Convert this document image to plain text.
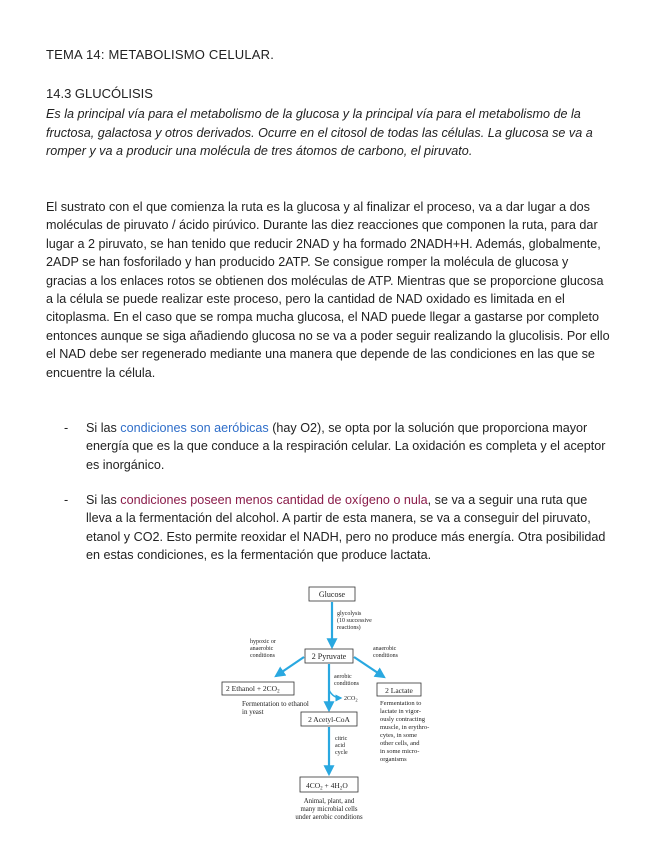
TEMA 14: METABOLISMO CELULAR.
14.3 GLUCÓLISIS
Es la principal vía para el metabolismo de la glucosa y la principal vía para el metabolismo de la fructosa, galactosa y otros derivados. Ocurre en el citosol de todas las células. La glucosa se va a romper y va a producir una molécula de tres átomos de carbono, el piruvato.
El sustrato con el que comienza la ruta es la glucosa y al finalizar el proceso, va a dar lugar a dos moléculas de piruvato / ácido pirúvico. Durante las diez reacciones que componen la ruta, para dar lugar a 2 piruvato, se han tenido que reducir 2NAD y ha formado 2NADH+H. Además, globalmente, 2ADP se han fosforilado y han producido 2ATP. Se consigue romper la molécula de glucosa y gracias a los enlaces rotos se obtienen dos moléculas de ATP. Mientras que se proporcione glucosa a la célula se puede realizar este proceso, pero la cantidad de NAD oxidado es limitada en el citoplasma. En el caso que se rompa mucha glucosa, el NAD puede llegar a gastarse por completo entonces aunque se siga añadiendo glucosa no se va a poder seguir realizando la glucolisis. Por ello el NAD debe ser regenerado mediante una manera que depende de las condiciones en las que se encuentre la célula.
- Si las condiciones son aeróbicas (hay O2), se opta por la solución que proporciona mayor energía que es la que conduce a la respiración celular. La oxidación es completa y el aceptor es inorgánico.
- Si las condiciones poseen menos cantidad de oxígeno o nula, se va a seguir una ruta que lleva a la fermentación del alcohol. A partir de esta manera, se va a conseguir del piruvato, etanol y CO2. Esto permite reoxidar el NADH, pero no produce más energía. Otra posibilidad en estas condiciones, es la fermentación que produce lactata.
Glucose
glycolysis
(10 successive
reactions)
2 Pyruvate
hypoxic or
anaerobic
conditions
anaerobic
conditions
aerobic
conditions
$2CO_2$
2 Ethanol + $2CO_2$
Fermentation to ethanol
in yeast
2 Lactate
Fermentation to
lactate in vigor-
ously contracting
muscle, in erythro-
cytes, in some
other cells, and
in some micro-
organisms
2 Acetyl-CoA
citric
acid
cycle
$4CO_2 + 4H_2O$
Animal, plant, and
many microbial cells
under aerobic conditions
